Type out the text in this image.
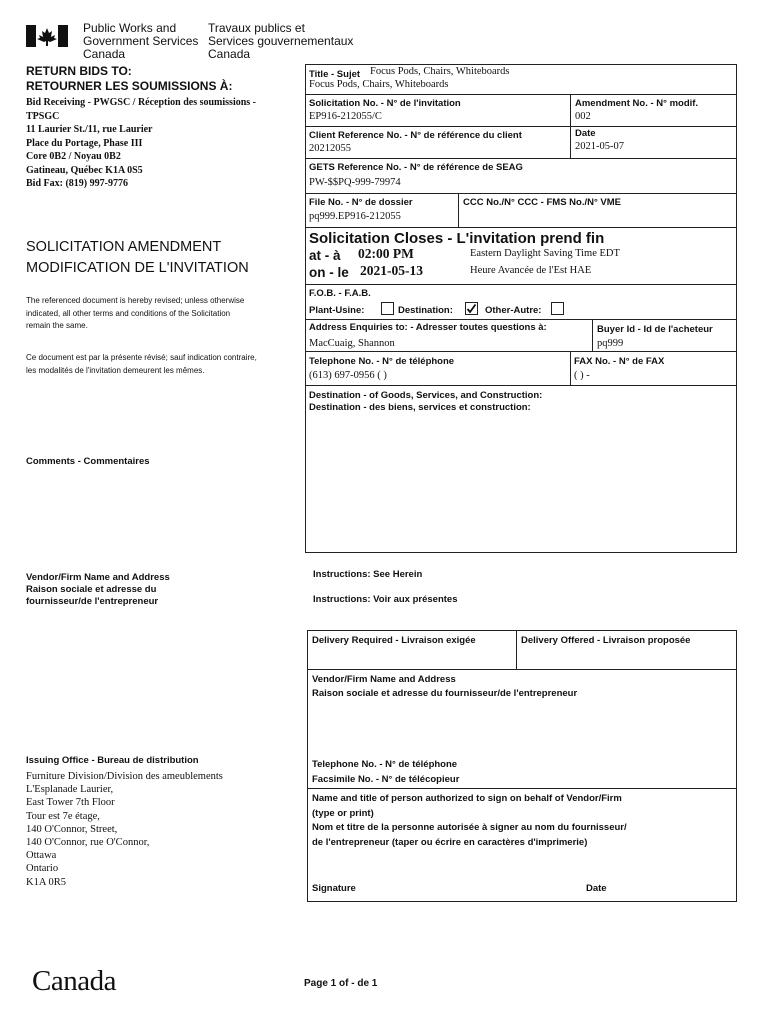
Public Works and
Government Services
Canada
Travaux publics et
Services gouvernementaux
Canada
RETURN BIDS TO:
RETOURNER LES SOUMISSIONS À:
Bid Receiving - PWGSC / Réception des soumissions -
TPSGC
11 Laurier St./11, rue Laurier
Place du Portage, Phase III
Core 0B2 / Noyau 0B2
Gatineau, Québec K1A 0S5
Bid Fax: (819) 997-9776
SOLICITATION AMENDMENT
MODIFICATION DE L'INVITATION
The referenced document is hereby revised; unless otherwise
indicated, all other terms and conditions of the Solicitation
remain the same.
Ce document est par la présente révisé; sauf indication contraire,
les modalités de l'invitation demeurent les mêmes.
Comments - Commentaires
Vendor/Firm Name and Address
Raison sociale et adresse du
fournisseur/de l'entrepreneur
Issuing Office - Bureau de distribution
Furniture Division/Division des ameublements
L'Esplanade Laurier,
East Tower 7th Floor
Tour est 7e étage,
140 O'Connor, Street,
140 O'Connor, rue O'Connor,
Ottawa
Ontario
K1A 0R5
Title - Sujet Focus Pods, Chairs, Whiteboards
Focus Pods, Chairs, Whiteboards
Solicitation No. - N° de l'invitation
EP916-212055/C
Amendment No. - N° modif.
002
Client Reference No. - N° de référence du client
20212055
Date
2021-05-07
GETS Reference No. - N° de référence de SEAG
PW-$$PQ-999-79974
File No. - N° de dossier
pq999.EP916-212055
CCC No./N° CCC - FMS No./N° VME
Solicitation Closes - L'invitation prend fin
at - à 02:00 PM
on - le 2021-05-13
Eastern Daylight Saving Time EDT
Heure Avancée de l'Est HAE
F.O.B. - F.A.B.
Plant-Usine:	Destination:	Other-Autre:
Address Enquiries to: - Adresser toutes questions à:
MacCuaig, Shannon
Buyer Id - Id de l'acheteur
pq999
Telephone No. - N° de téléphone
(613) 697-0956 ( )
FAX No. - N° de FAX
( ) -
Destination - of Goods, Services, and Construction:
Destination - des biens, services et construction:
Instructions: See Herein
Instructions: Voir aux présentes
Delivery Required - Livraison exigée	Delivery Offered - Livraison proposée
Vendor/Firm Name and Address
Raison sociale et adresse du fournisseur/de l'entrepreneur
Telephone No. - N° de téléphone
Facsimile No. - N° de télécopieur
Name and title of person authorized to sign on behalf of Vendor/Firm
(type or print)
Nom et titre de la personne autorisée à signer au nom du fournisseur/
de l'entrepreneur (taper ou écrire en caractères d'imprimerie)
Signature	Date
Canada	Page 1 of - de 1
